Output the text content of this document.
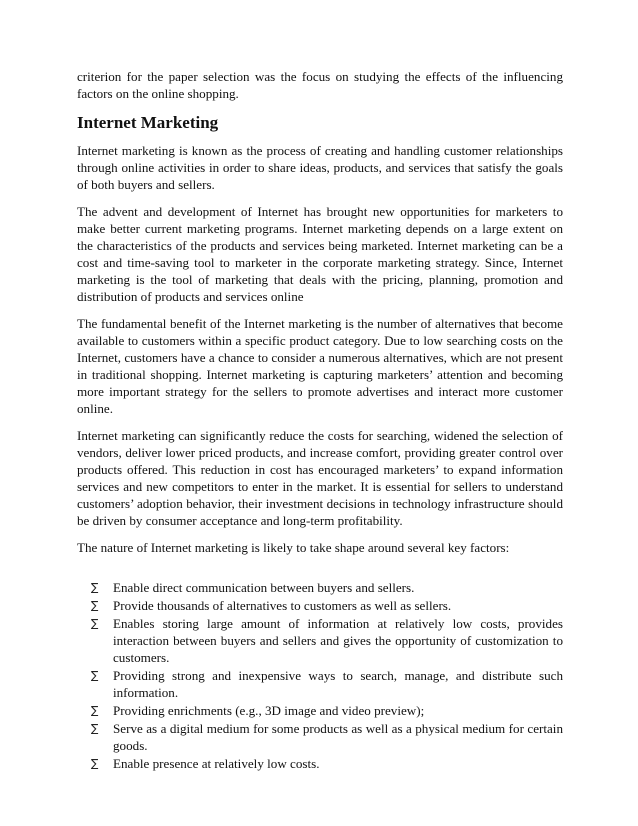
criterion for the paper selection was the focus on studying the effects of the influencing factors on the online shopping.

Internet Marketing

Internet marketing is known as the process of creating and handling customer relationships through online activities in order to share ideas, products, and services that satisfy the goals of both buyers and sellers.

The advent and development of Internet has brought new opportunities for marketers to make better current marketing programs. Internet marketing depends on a large extent on the characteristics of the products and services being marketed. Internet marketing can be a cost and time-saving tool to marketer in the corporate marketing strategy. Since, Internet marketing is the tool of marketing that deals with the pricing, planning, promotion and distribution of products and services online

The fundamental benefit of the Internet marketing is the number of alternatives that become available to customers within a specific product category. Due to low searching costs on the Internet, customers have a chance to consider a numerous alternatives, which are not present in traditional shopping. Internet marketing is capturing marketers’ attention and becoming more important strategy for the sellers to promote advertises and interact more customer online.

Internet marketing can significantly reduce the costs for searching, widened the selection of vendors, deliver lower priced products, and increase comfort, providing greater control over products offered. This reduction in cost has encouraged marketers’ to expand information services and new competitors to enter in the market. It is essential for sellers to understand customers’ adoption behavior, their investment decisions in technology infrastructure should be driven by consumer acceptance and long-term profitability.

The nature of Internet marketing is likely to take shape around several key factors:

∑ Enable direct communication between buyers and sellers.
∑ Provide thousands of alternatives to customers as well as sellers.
∑ Enables storing large amount of information at relatively low costs, provides interaction between buyers and sellers and gives the opportunity of customization to customers.
∑ Providing strong and inexpensive ways to search, manage, and distribute such information.
∑ Providing enrichments (e.g., 3D image and video preview);
∑ Serve as a digital medium for some products as well as a physical medium for certain goods.
∑ Enable presence at relatively low costs.
